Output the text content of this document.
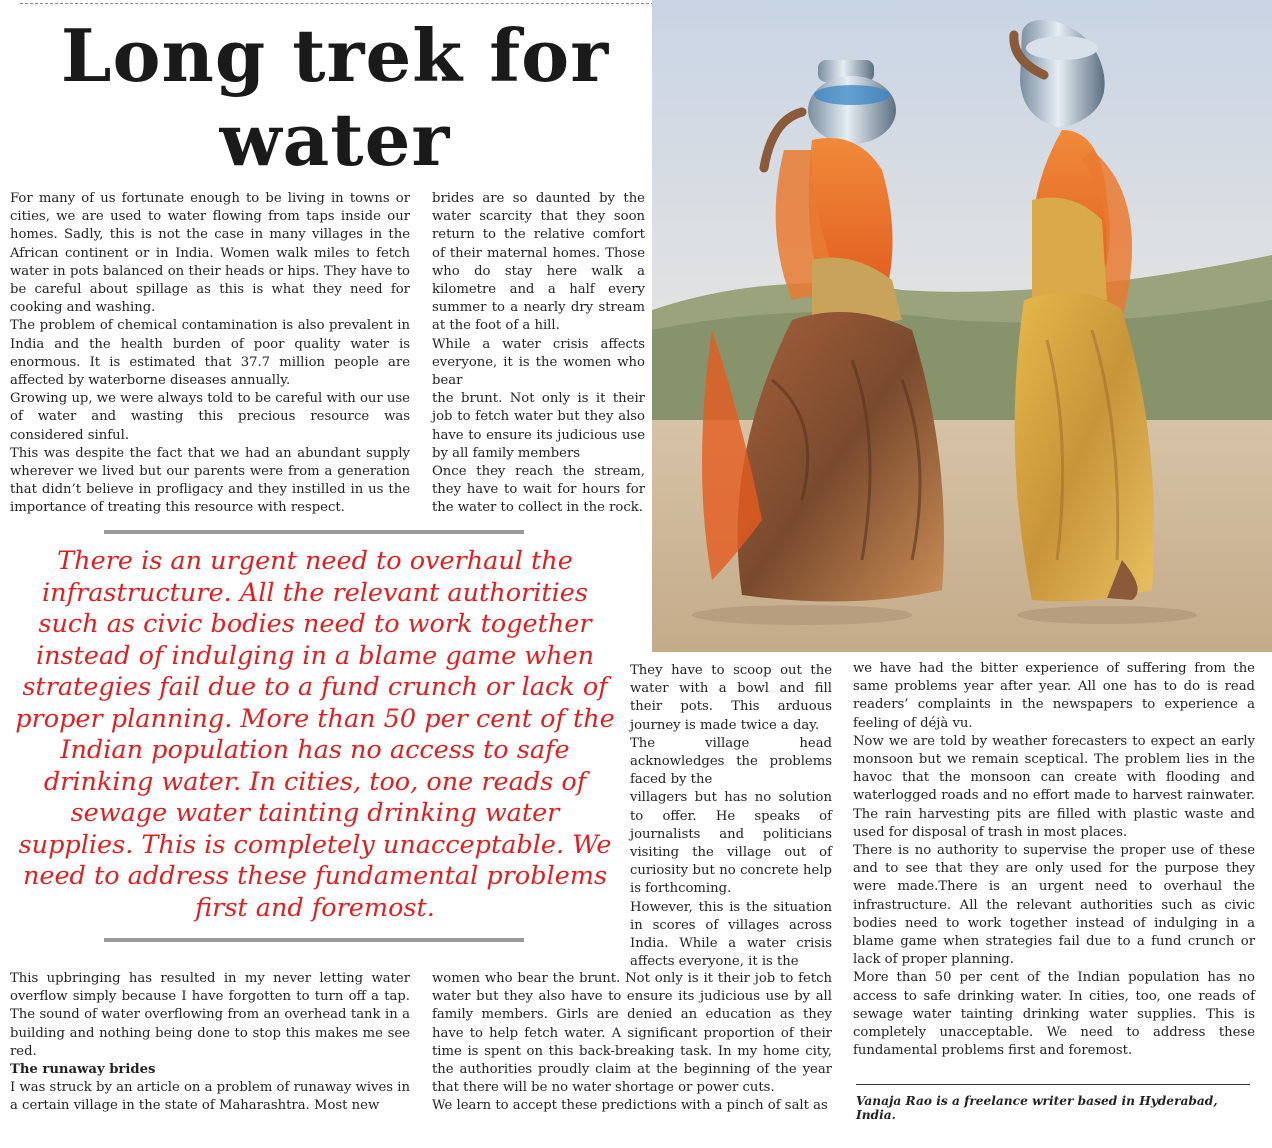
Long trek for
water

For many of us fortunate enough to be living in towns or cities, we are used to water flowing from taps inside our homes. Sadly, this is not the case in many villages in the African continent or in India. Women walk miles to fetch water in pots balanced on their heads or hips. They have to be careful about spillage as this is what they need for cooking and washing.

The problem of chemical contamination is also prevalent in India and the health burden of poor quality water is enormous. It is estimated that 37.7 million people are affected by waterborne diseases annually.

Growing up, we were always told to be careful with our use of water and wasting this precious resource was considered sinful.

This was despite the fact that we had an abundant supply wherever we lived but our parents were from a generation that didn’t believe in profligacy and they instilled in us the importance of treating this resource with respect.

brides are so daunted by the water scarcity that they soon return to the relative comfort of their maternal homes. Those who do stay here walk a kilometre and a half every summer to a nearly dry stream at the foot of a hill.

While a water crisis affects everyone, it is the women who bear

the brunt. Not only is it their job to fetch water but they also have to ensure its judicious use by all family members

Once they reach the stream, they have to wait for hours for the water to collect in the rock.

There is an urgent need to overhaul the infrastructure. All the relevant authorities such as civic bodies need to work together instead of indulging in a blame game when strategies fail due to a fund crunch or lack of proper planning. More than 50 per cent of the Indian population has no access to safe drinking water. In cities, too, one reads of sewage water tainting drinking water supplies. This is completely unacceptable. We need to address these fundamental problems first and foremost.

They have to scoop out the water with a bowl and fill their pots. This arduous journey is made twice a day.

The village head acknowledges the problems faced by the

villagers but has no solution to offer. He speaks of journalists and politicians visiting the village out of curiosity but no concrete help is forthcoming.

However, this is the situation in scores of villages across India. While a water crisis affects everyone, it is the

we have had the bitter experience of suffering from the same problems year after year. All one has to do is read readers’ complaints in the newspapers to experience a feeling of déjà vu.

Now we are told by weather forecasters to expect an early monsoon but we remain sceptical. The problem lies in the havoc that the monsoon can create with flooding and waterlogged roads and no effort made to harvest rainwater. The rain harvesting pits are filled with plastic waste and used for disposal of trash in most places.

There is no authority to supervise the proper use of these and to see that they are only used for the purpose they were made.There is an urgent need to overhaul the infrastructure. All the relevant authorities such as civic bodies need to work together instead of indulging in a blame game when strategies fail due to a fund crunch or lack of proper planning.

More than 50 per cent of the Indian population has no access to safe drinking water. In cities, too, one reads of sewage water tainting drinking water supplies. This is completely unacceptable. We need to address these fundamental problems first and foremost.

This upbringing has resulted in my never letting water overflow simply because I have forgotten to turn off a tap. The sound of water overflowing from an overhead tank in a building and nothing being done to stop this makes me see red.

The runaway brides

I was struck by an article on a problem of runaway wives in a certain village in the state of Maharashtra. Most new

women who bear the brunt. Not only is it their job to fetch water but they also have to ensure its judicious use by all family members. Girls are denied an education as they have to help fetch water. A significant proportion of their time is spent on this back-breaking task. In my home city, the authorities proudly claim at the beginning of the year that there will be no water shortage or power cuts.

We learn to accept these predictions with a pinch of salt as	Vanaja Rao is a freelance writer based in Hyderabad, India.
